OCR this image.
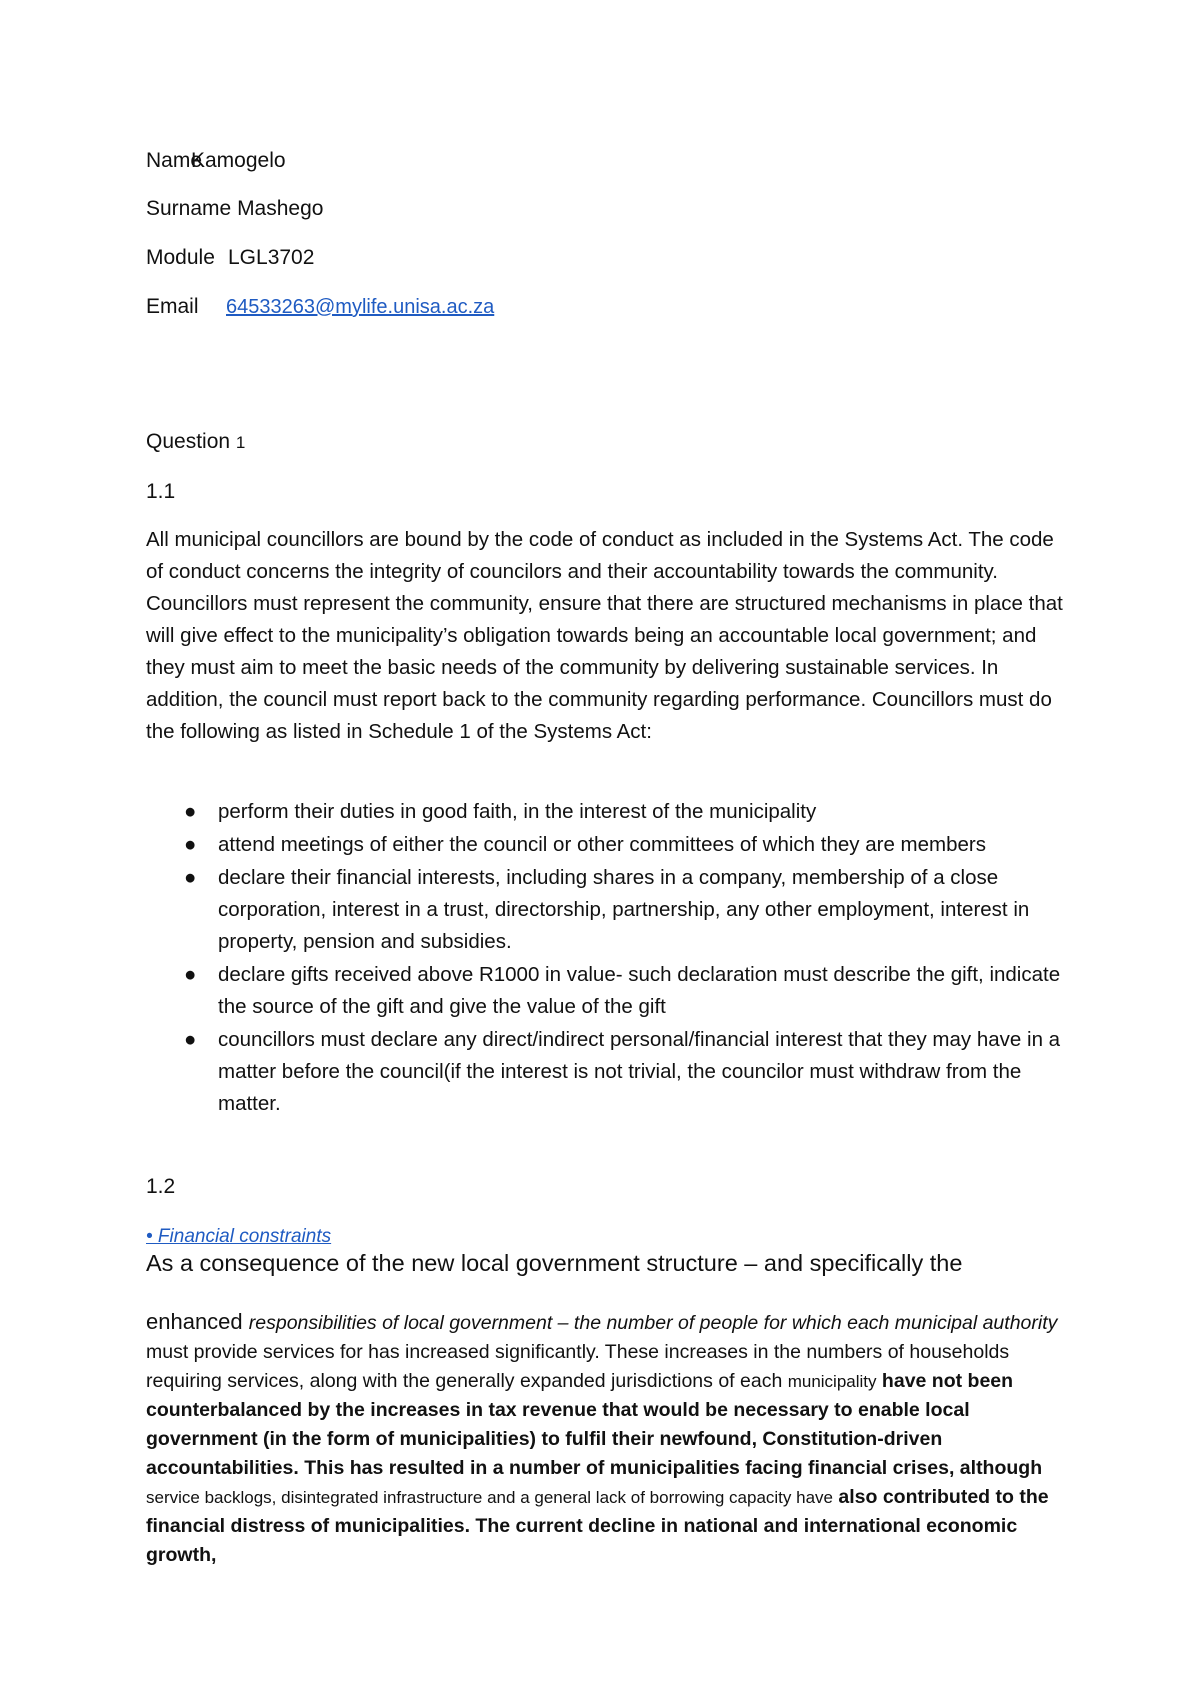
Name
Kamogelo
Surname Mashego
Module LGL3702
Email 64533263@mylife.unisa.ac.za
Question 1
1.1

All municipal councillors are bound by the code of conduct as included in the Systems Act. The code of conduct concerns the integrity of councilors and their accountability towards the community. Councillors must represent the community, ensure that there are structured mechanisms in place that will give effect to the municipality’s obligation towards being an accountable local government; and they must aim to meet the basic needs of the community by delivering sustainable services. In addition, the council must report back to the community regarding performance. Councillors must do the following as listed in Schedule 1 of the Systems Act:

● perform their duties in good faith, in the interest of the municipality
● attend meetings of either the council or other committees of which they are members
● declare their financial interests, including shares in a company, membership of a close corporation, interest in a trust, directorship, partnership, any other employment, interest in property, pension and subsidies.
● declare gifts received above R1000 in value- such declaration must describe the gift, indicate the source of the gift and give the value of the gift
● councillors must declare any direct/indirect personal/financial interest that they may have in a matter before the council(if the interest is not trivial, the councilor must withdraw from the matter.
1.2
• Financial constraints

As a consequence of the new local government structure – and specifically the

enhanced responsibilities of local government – the number of people for which each municipal authority must provide services for has increased significantly. These increases in the numbers of households requiring services, along with the generally expanded jurisdictions of each municipality have not been counterbalanced by the increases in tax revenue that would be necessary to enable local government (in the form of municipalities) to fulfil their newfound, Constitution-driven accountabilities. This has resulted in a number of municipalities facing financial crises, although service backlogs, disintegrated infrastructure and a general lack of borrowing capacity have also contributed to the financial distress of municipalities. The current decline in national and international economic growth,
